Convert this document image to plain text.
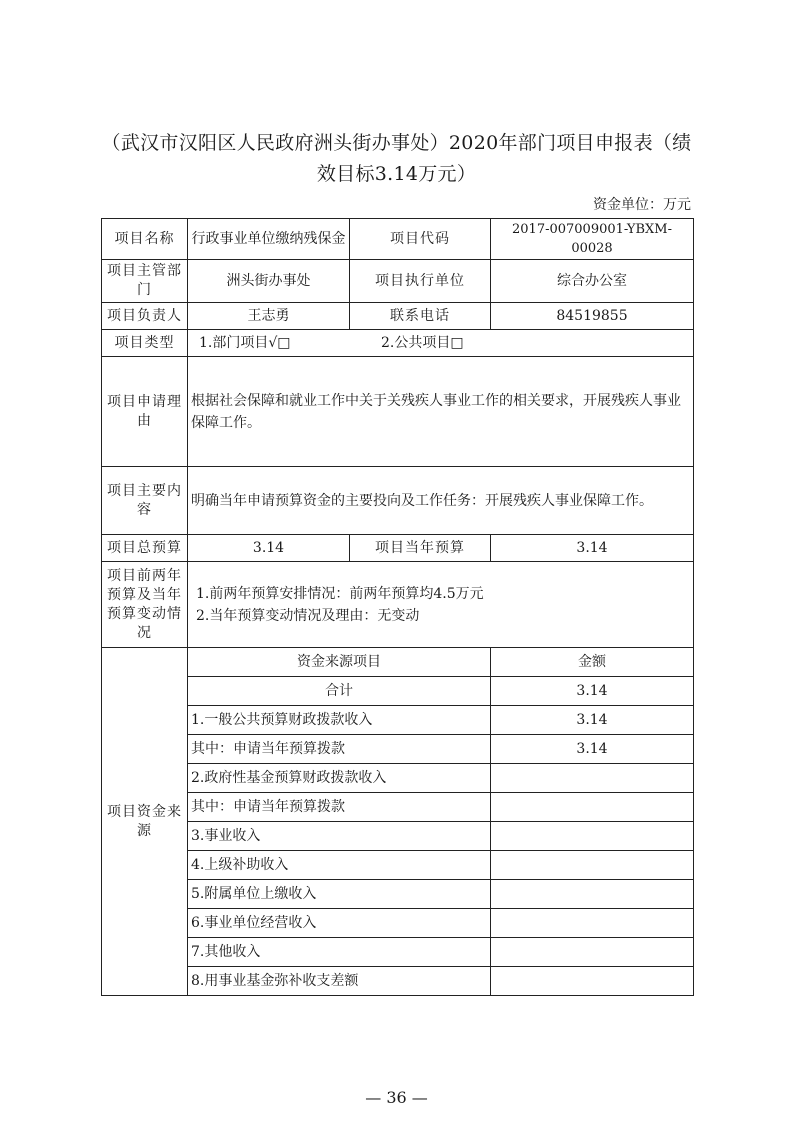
（武汉市汉阳区人民政府洲头街办事处）2020年部门项目申报表（绩
效目标3.14万元）
资金单位：万元
项目名称	行政事业单位缴纳残保金	项目代码	2017-007009001-YBXM-00028
项目主管部门	洲头街办事处	项目执行单位	综合办公室
项目负责人	王志勇	联系电话	84519855
项目类型	1.部门项目√□ 2.公共项目□		
项目申请理由	根据社会保障和就业工作中关于关残疾人事业工作的相关要求，开展残疾人事业保障工作。		
项目主要内容	明确当年申请预算资金的主要投向及工作任务：开展残疾人事业保障工作。		
项目总预算	3.14	项目当年预算	3.14
项目前两年预算及当年预算变动情况	1.前两年预算安排情况：前两年预算均4.5万元
2.当年预算变动情况及理由：无变动		

项目资金来源	资金来源项目		金额
	合计		3.14
	1.一般公共预算财政拨款收入		3.14
	其中：申请当年预算拨款		3.14
	2.政府性基金预算财政拨款收入		
	其中：申请当年预算拨款		
	3.事业收入		
	4.上级补助收入		
	5.附属单位上缴收入		
	6.事业单位经营收入		
	7.其他收入		
	8.用事业基金弥补收支差额		
— 36 —
